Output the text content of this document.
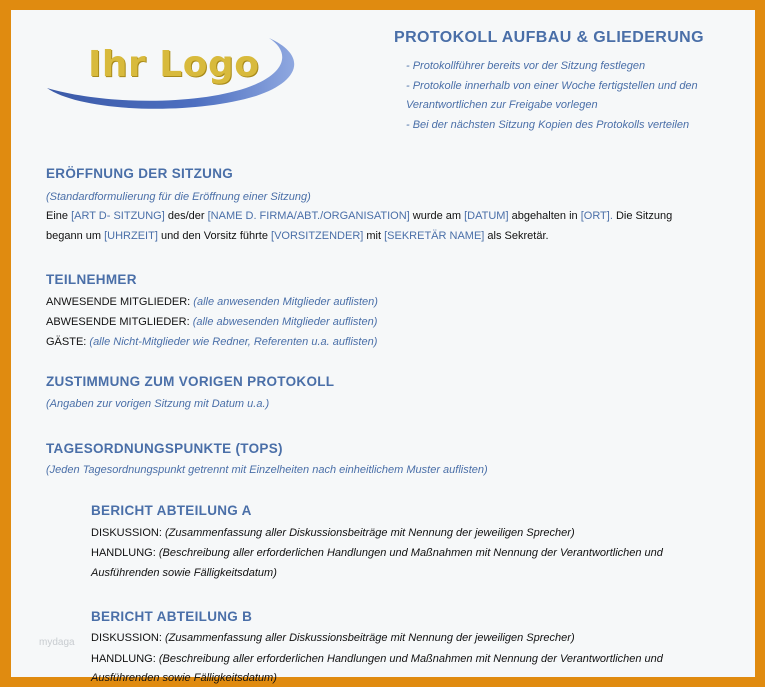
Ihr Logo
PROTOKOLL AUFBAU & GLIEDERUNG
- Protokollführer bereits vor der Sitzung festlegen
- Protokolle innerhalb von einer Woche fertigstellen und den
Verantwortlichen zur Freigabe vorlegen
- Bei der nächsten Sitzung Kopien des Protokolls verteilen
ERÖFFNUNG DER SITZUNG
(Standardformulierung für die Eröffnung einer Sitzung)
Eine [ART D- SITZUNG] des/der [NAME D. FIRMA/ABT./ORGANISATION] wurde am [DATUM] abgehalten in [ORT]. Die Sitzung
begann um [UHRZEIT] und den Vorsitz führte [VORSITZENDER] mit [SEKRETÄR NAME] als Sekretär.
TEILNEHMER
ANWESENDE MITGLIEDER: (alle anwesenden Mitglieder auflisten)
ABWESENDE MITGLIEDER: (alle abwesenden Mitglieder auflisten)
GÄSTE: (alle Nicht-Mitglieder wie Redner, Referenten u.a. auflisten)
ZUSTIMMUNG ZUM VORIGEN PROTOKOLL
(Angaben zur vorigen Sitzung mit Datum u.a.)
TAGESORDNUNGSPUNKTE (TOPS)
(Jeden Tagesordnungspunkt getrennt mit Einzelheiten nach einheitlichem Muster auflisten)
BERICHT ABTEILUNG A
DISKUSSION: (Zusammenfassung aller Diskussionsbeiträge mit Nennung der jeweiligen Sprecher)
HANDLUNG: (Beschreibung aller erforderlichen Handlungen und Maßnahmen mit Nennung der Verantwortlichen und
Ausführenden sowie Fälligkeitsdatum)
BERICHT ABTEILUNG B
DISKUSSION: (Zusammenfassung aller Diskussionsbeiträge mit Nennung der jeweiligen Sprecher)
HANDLUNG: (Beschreibung aller erforderlichen Handlungen und Maßnahmen mit Nennung der Verantwortlichen und
Ausführenden sowie Fälligkeitsdatum)
mydaga
